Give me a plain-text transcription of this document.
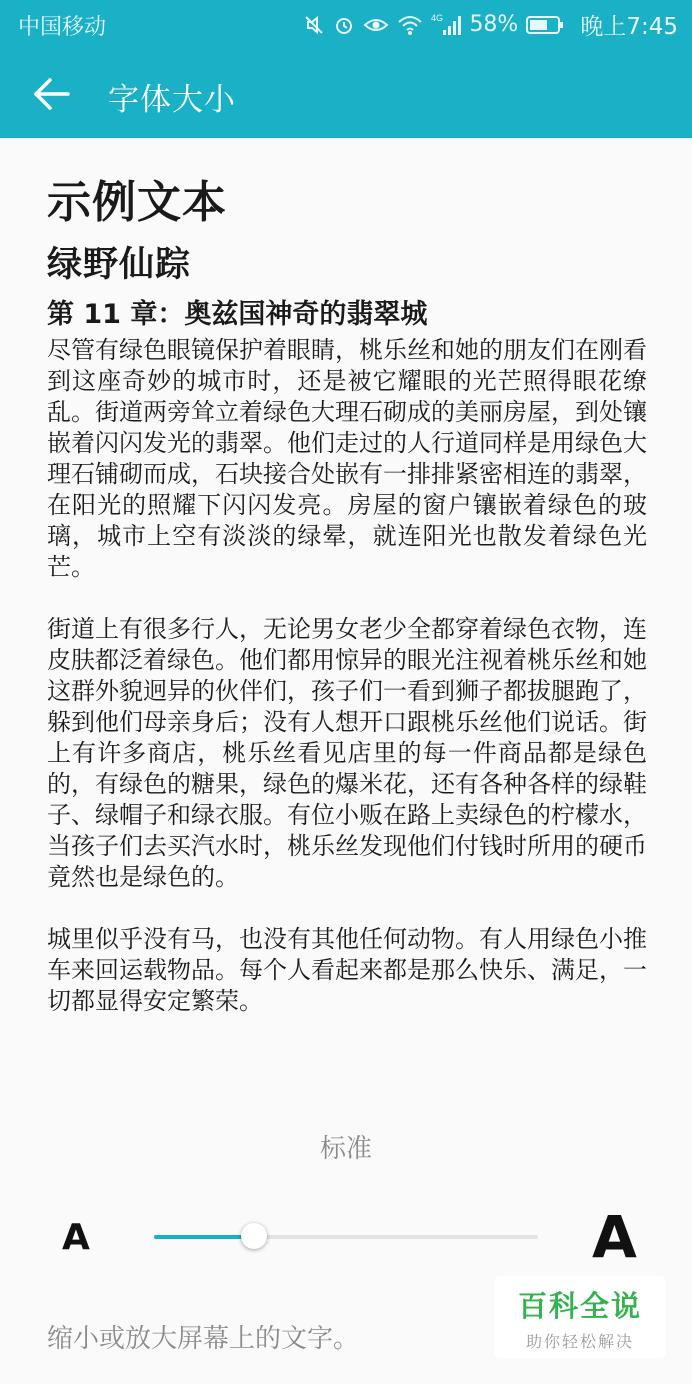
中国移动	4G 58%	晚上7:45
字体大小
示例文本
绿野仙踪
第 11 章：奥兹国神奇的翡翠城

尽管有绿色眼镜保护着眼睛，桃乐丝和她的朋友们在刚看到这座奇妙的城市时，还是被它耀眼的光芒照得眼花缭乱。街道两旁耸立着绿色大理石砌成的美丽房屋，到处镶嵌着闪闪发光的翡翠。他们走过的人行道同样是用绿色大理石铺砌而成，石块接合处嵌有一排排紧密相连的翡翠，在阳光的照耀下闪闪发亮。房屋的窗户镶嵌着绿色的玻璃，城市上空有淡淡的绿晕，就连阳光也散发着绿色光芒。

街道上有很多行人，无论男女老少全都穿着绿色衣物，连皮肤都泛着绿色。他们都用惊异的眼光注视着桃乐丝和她这群外貌迥异的伙伴们，孩子们一看到狮子都拔腿跑了，躲到他们母亲身后；没有人想开口跟桃乐丝他们说话。街上有许多商店，桃乐丝看见店里的每一件商品都是绿色的，有绿色的糖果，绿色的爆米花，还有各种各样的绿鞋子、绿帽子和绿衣服。有位小贩在路上卖绿色的柠檬水，当孩子们去买汽水时，桃乐丝发现他们付钱时所用的硬币竟然也是绿色的。

城里似乎没有马，也没有其他任何动物。有人用绿色小推车来回运载物品。每个人看起来都是那么快乐、满足，一切都显得安定繁荣。

标准
A	A
缩小或放大屏幕上的文字。
百科全说
助你轻松解决
